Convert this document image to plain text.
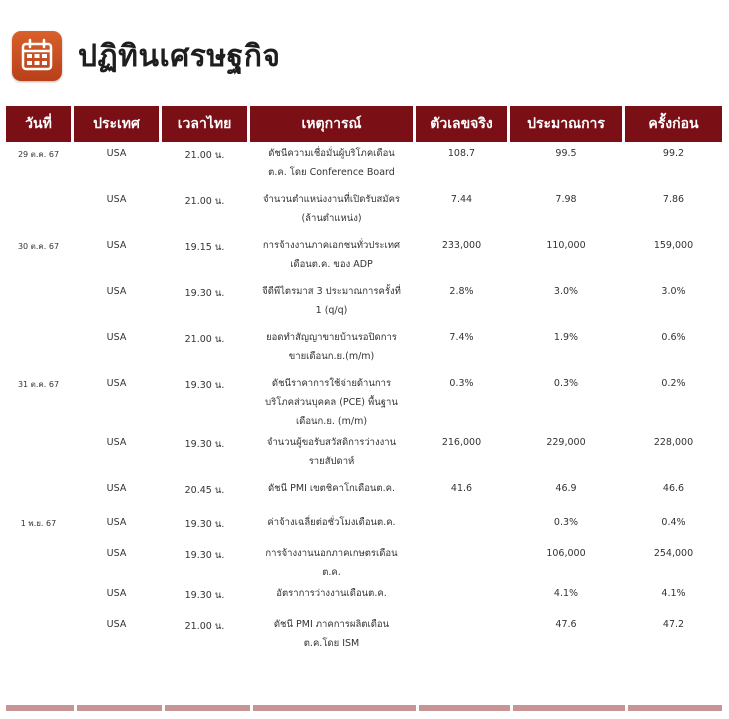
ปฏิทินเศรษฐกิจ
วันที่	ประเทศ	เวลาไทย	เหตุการณ์	ตัวเลขจริง	ประมาณการ	ครั้งก่อน
29 ต.ค. 67	USA	21.00 น.	ดัชนีความเชื่อมั่นผู้บริโภคเดือนต.ค. โดย Conference Board	108.7	99.5	99.2
	USA	21.00 น.	จำนวนตำแหน่งงานที่เปิดรับสมัคร (ล้านตำแหน่ง)	7.44	7.98	7.86
30 ต.ค. 67	USA	19.15 น.	การจ้างงานภาคเอกชนทั่วประเทศเดือนต.ค. ของ ADP	233,000	110,000	159,000
	USA	19.30 น.	จีดีพีไตรมาส 3 ประมาณการครั้งที่ 1 (q/q)	2.8%	3.0%	3.0%
	USA	21.00 น.	ยอดทำสัญญาขายบ้านรอปิดการขายเดือนก.ย.(m/m)	7.4%	1.9%	0.6%
31 ต.ค. 67	USA	19.30 น.	ดัชนีราคาการใช้จ่ายด้านการบริโภคส่วนบุคคล (PCE) พื้นฐานเดือนก.ย. (m/m)	0.3%	0.3%	0.2%
	USA	19.30 น.	จำนวนผู้ขอรับสวัสดิการว่างงานรายสัปดาห์	216,000	229,000	228,000
	USA	20.45 น.	ดัชนี PMI เขตชิคาโกเดือนต.ค.	41.6	46.9	46.6
1 พ.ย. 67	USA	19.30 น.	ค่าจ้างเฉลี่ยต่อชั่วโมงเดือนต.ค.		0.3%	0.4%
	USA	19.30 น.	การจ้างงานนอกภาคเกษตรเดือนต.ค.		106,000	254,000
	USA	19.30 น.	อัตราการว่างงานเดือนต.ค.		4.1%	4.1%
	USA	21.00 น.	ดัชนี PMI ภาคการผลิตเดือนต.ค.โดย ISM		47.6	47.2
